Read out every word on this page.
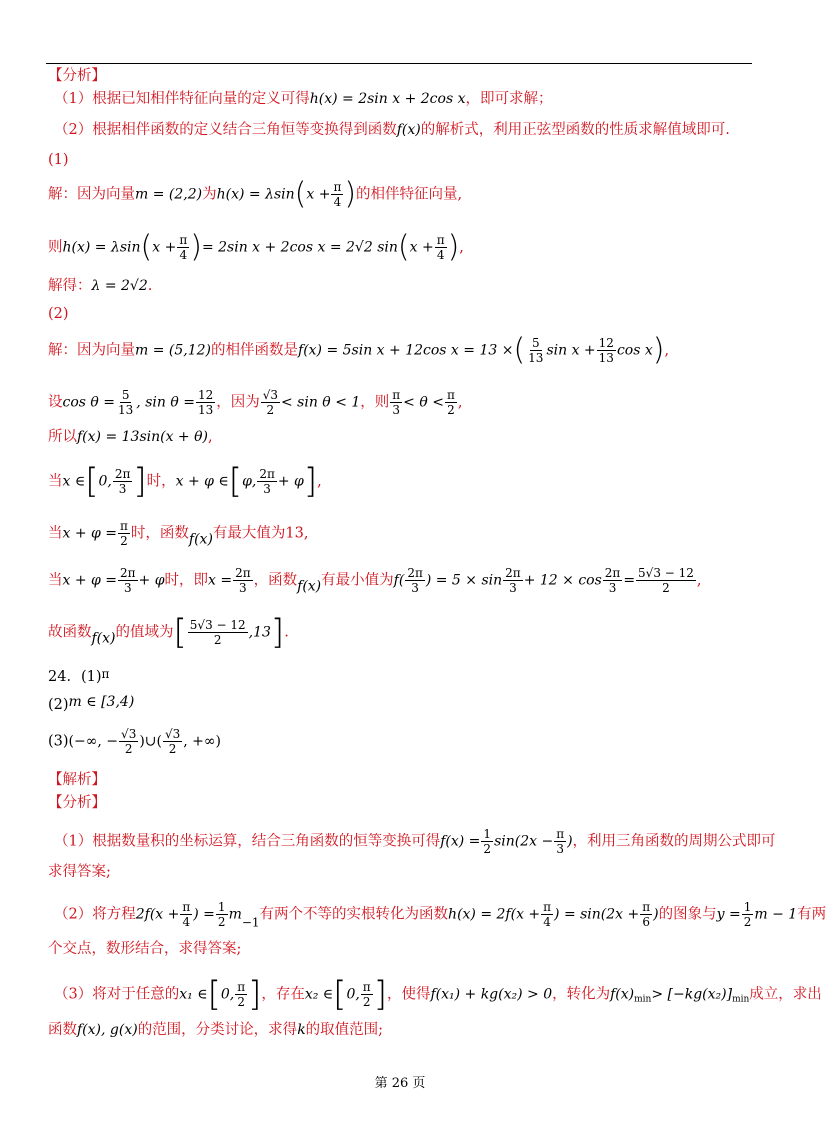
【分析】
（1）根据已知相伴特征向量的定义可得h(x) = 2sin x + 2cos x，即可求解；
（2）根据相伴函数的定义结合三角恒等变换得到函数f(x)的解析式，利用正弦型函数的性质求解值域即可.
(1)
解：因为向量m = (2,2)为$h(x) = \lambda\sin(x + \frac{\pi}{4}$ )的相伴特征向量,
则$h(x) = \lambda\sin(x + \frac{\pi}{4}$ )= 2sin x + 2cos x = 2√2 $\sin(x + \frac{\pi}{4}$ ),
解得：λ = 2√2.
(2)
解：因为向量m = (5,12)的相伴函数是f(x) = 5sin x + 12cos x = 13 ×( $\frac{5}{13}$ $\sin x + \frac{12}{13}$ cos x),
设$\cos \theta = \frac{5}{13}$ , $\sin \theta = \frac{12}{13}$ ，因为 $\frac{√3}{2} < \sin \theta < 1$，则 $\frac{\pi}{3} < \theta < \frac{\pi}{2}$ ,
所以f(x) = 13sin(x + θ),
当x ∈[0, $\frac{2\pi}{3}$ ]时，x + φ ∈[φ, $\frac{2\pi}{3} + \varphi$],
当$x + \varphi = \frac{\pi}{2}$ 时，函数f(x)有最大值为13,
当$x + \varphi = \frac{2\pi}{3} + \varphi$时，即$x = \frac{2\pi}{3}$ ，函数f(x)有最小值为$f( \frac{2\pi}{3}$ ) = $5 \times \sin \frac{2\pi}{3} + 12 \times \cos \frac{2\pi}{3} = \frac{5√3 - 12}{2}$ ,
故函数f(x)的值域为[ $\frac{5√3 - 12}{2} ,13$].
24．$(1)^\pi$
(2)m ∈ [3,4)
(3)(−∞, − $\frac{√3}{2}$ )∪( $\frac{√3}{2}$ , +∞)
【解析】
【分析】
（1）根据数量积的坐标运算，结合三角函数的恒等变换可得$f(x) = \frac{1}{2} \sin(2x - \frac{\pi}{3}$ )，利用三角函数的周期公式即可
求得答案;
（2）将方程$2f(x + \frac{\pi}{4}$ ) = $\frac{1}{2} m_{-1}$有两个不等的实根转化为函数$h(x) = 2f(x + \frac{\pi}{4}$ ) = $\sin(2x + \frac{\pi}{6}$ )的图象与$y = \frac{1}{2}$ m − 1有两
个交点，数形结合，求得答案;
（3）将对于任意的x₁ ∈[0, $\frac{\pi}{2}$ ]，存在x₂ ∈[0, $\frac{\pi}{2}$ ]，使得f(x₁) + kg(x₂) > 0，转化为$f(x)_{min}> [-kg(x_2)]_{min}$成立，求出
函数f(x), g(x)的范围，分类讨论，求得k的取值范围;
第 26 页
